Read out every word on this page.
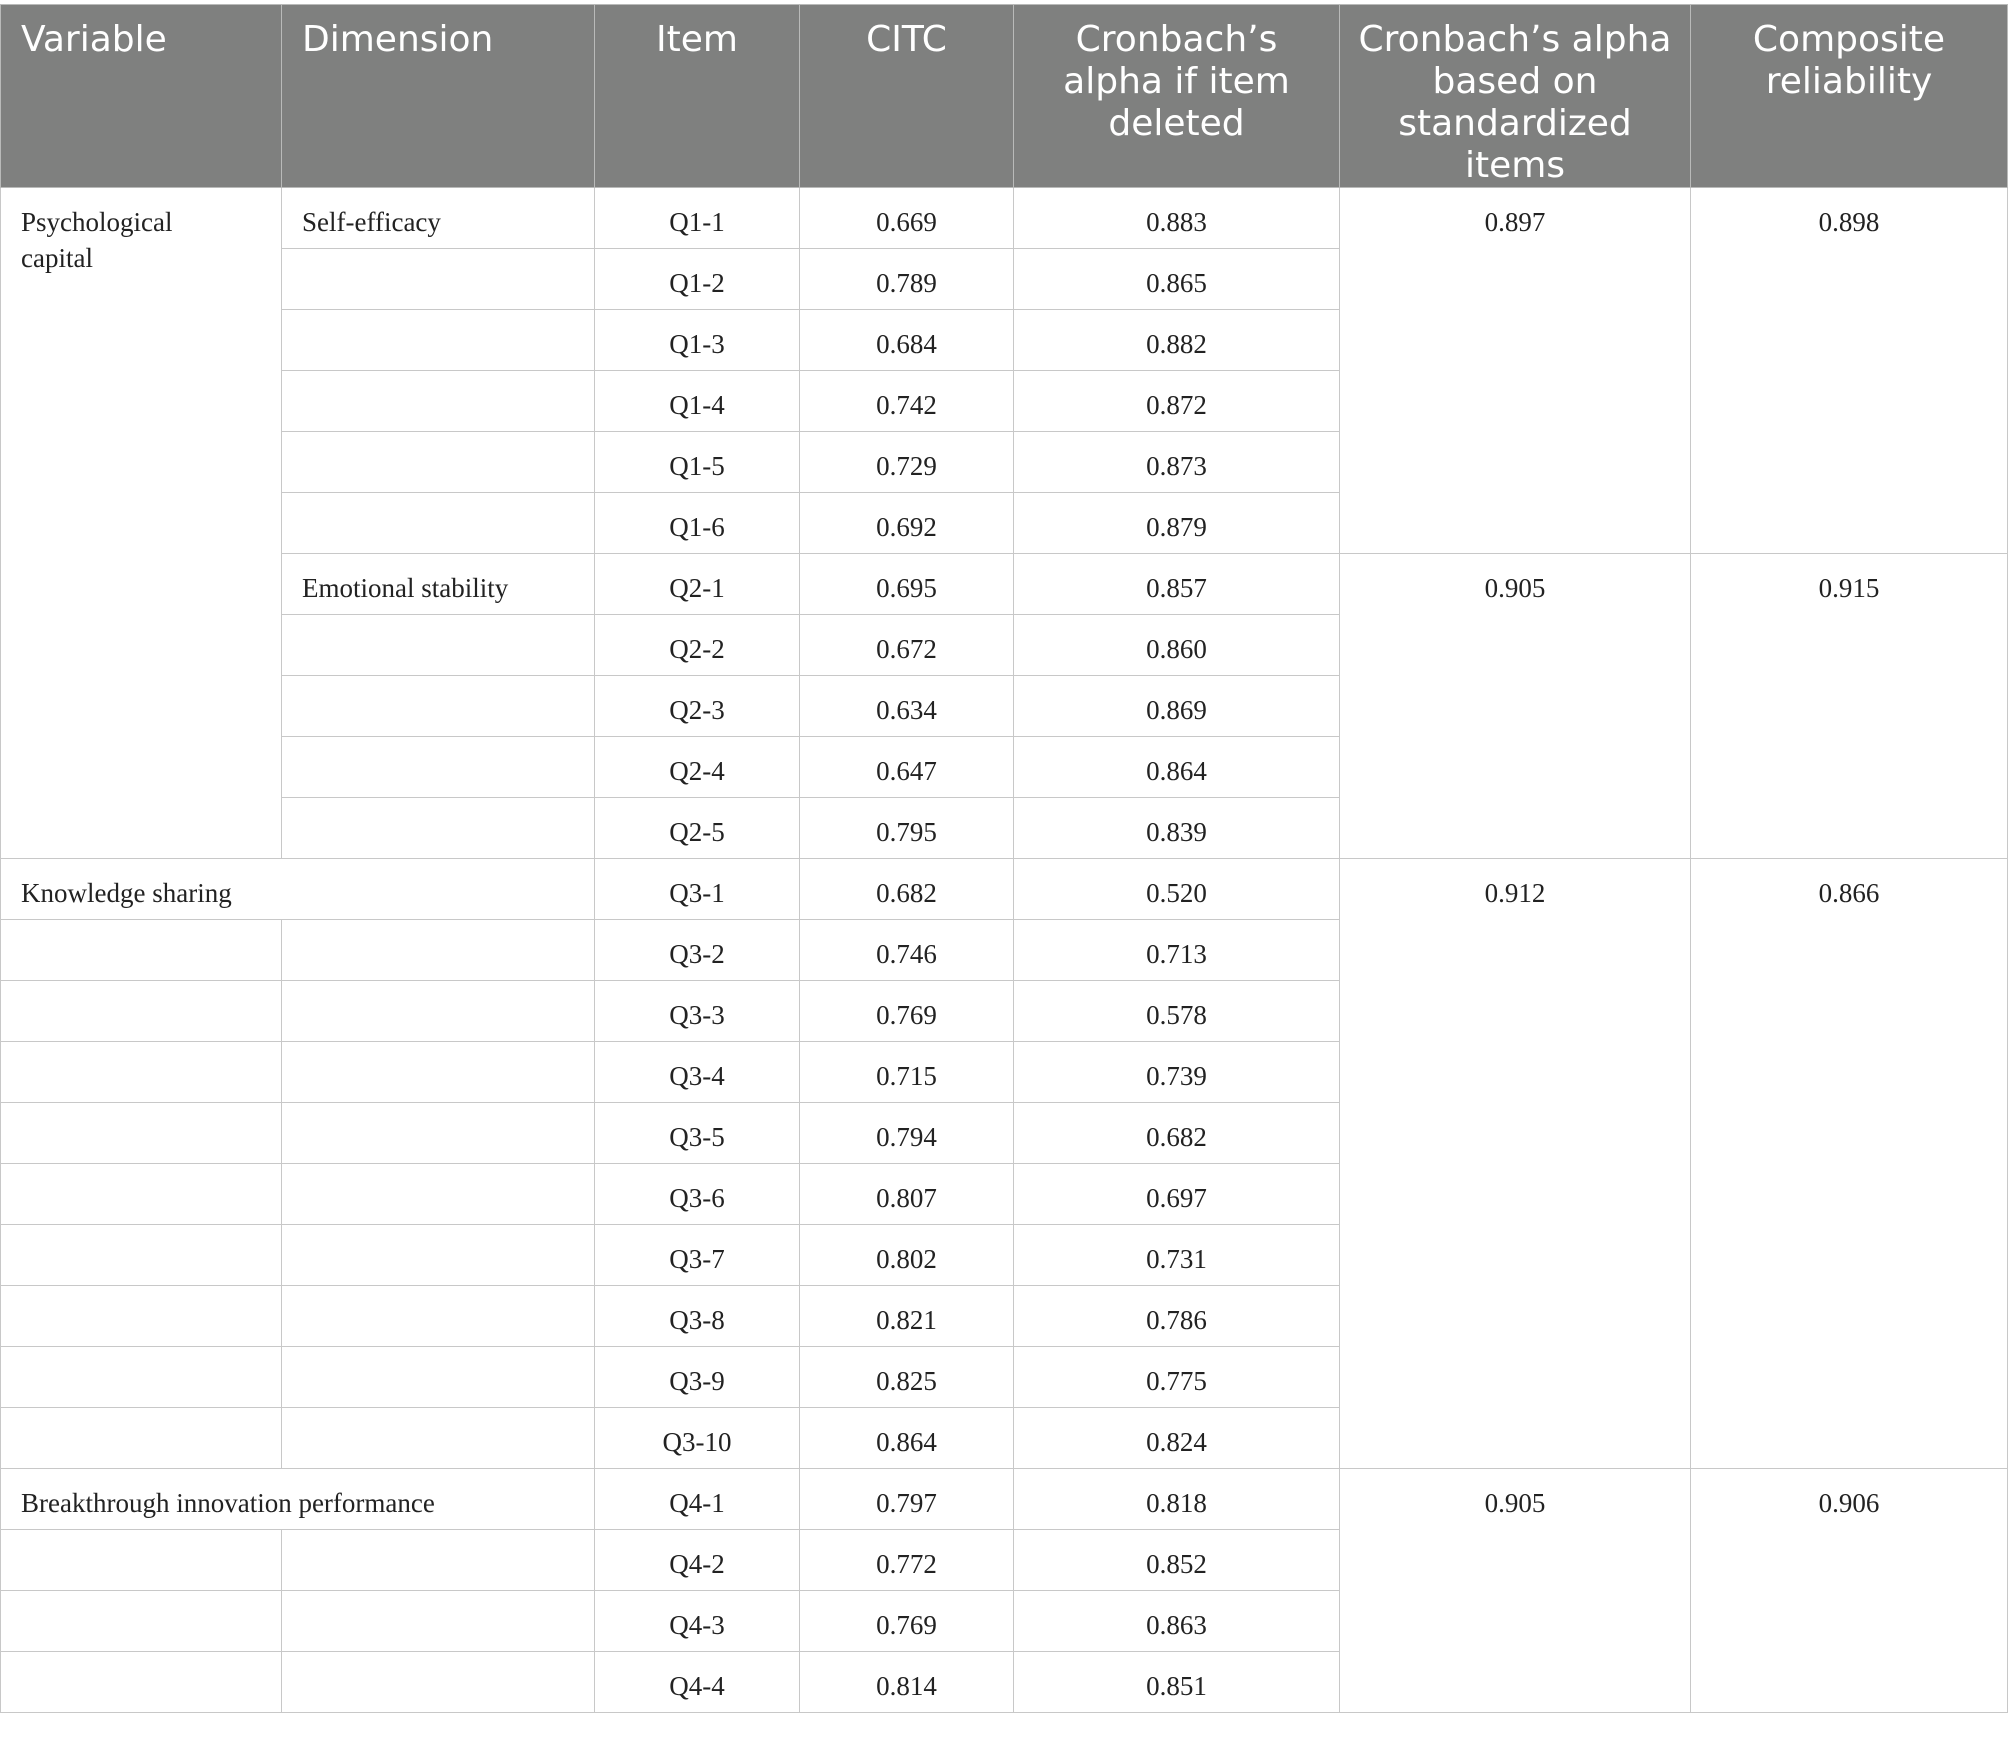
Variable	Dimension	Item	CITC	Cronbach’s alpha if item deleted	Cronbach’s alpha based on standardized items	Composite reliability
Psychological capital	Self-efficacy	Q1-1	0.669	0.883	0.897	0.898
		Q1-2	0.789	0.865		
		Q1-3	0.684	0.882		
		Q1-4	0.742	0.872		
		Q1-5	0.729	0.873		
		Q1-6	0.692	0.879		
	Emotional stability	Q2-1	0.695	0.857	0.905	0.915
		Q2-2	0.672	0.860		
		Q2-3	0.634	0.869		
		Q2-4	0.647	0.864		
		Q2-5	0.795	0.839		
Knowledge sharing		Q3-1	0.682	0.520	0.912	0.866
		Q3-2	0.746	0.713		
		Q3-3	0.769	0.578		
		Q3-4	0.715	0.739		
		Q3-5	0.794	0.682		
		Q3-6	0.807	0.697		
		Q3-7	0.802	0.731		
		Q3-8	0.821	0.786		
		Q3-9	0.825	0.775		
		Q3-10	0.864	0.824		
Breakthrough innovation performance		Q4-1	0.797	0.818	0.905	0.906
		Q4-2	0.772	0.852		
		Q4-3	0.769	0.863		
		Q4-4	0.814	0.851		
